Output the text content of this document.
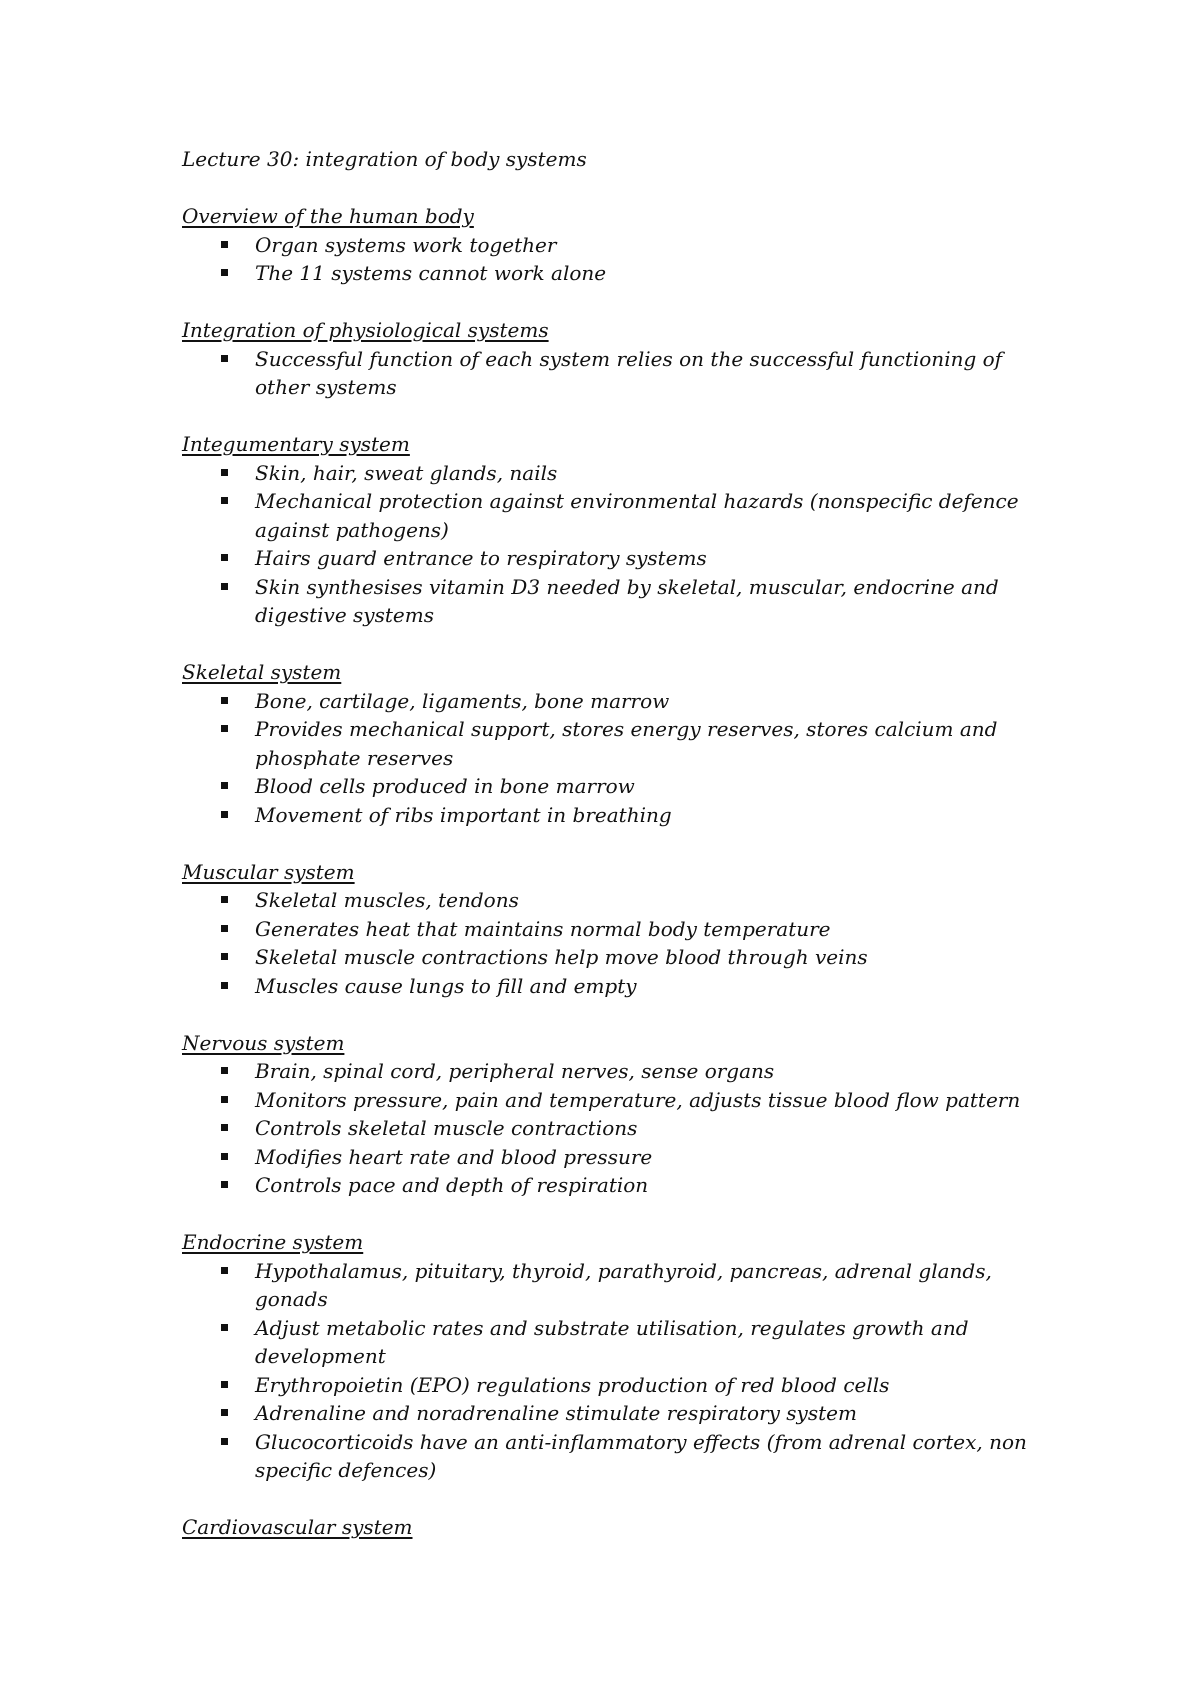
Lecture 30: integration of body systems
Overview of the human body
Organ systems work together
The 11 systems cannot work alone
Integration of physiological systems
Successful function of each system relies on the successful functioning of other systems
Integumentary system
Skin, hair, sweat glands, nails
Mechanical protection against environmental hazards (nonspecific defence against pathogens)
Hairs guard entrance to respiratory systems
Skin synthesises vitamin D3 needed by skeletal, muscular, endocrine and digestive systems
Skeletal system
Bone, cartilage, ligaments, bone marrow
Provides mechanical support, stores energy reserves, stores calcium and phosphate reserves
Blood cells produced in bone marrow
Movement of ribs important in breathing
Muscular system
Skeletal muscles, tendons
Generates heat that maintains normal body temperature
Skeletal muscle contractions help move blood through veins
Muscles cause lungs to fill and empty
Nervous system
Brain, spinal cord, peripheral nerves, sense organs
Monitors pressure, pain and temperature, adjusts tissue blood flow pattern
Controls skeletal muscle contractions
Modifies heart rate and blood pressure
Controls pace and depth of respiration
Endocrine system
Hypothalamus, pituitary, thyroid, parathyroid, pancreas, adrenal glands, gonads
Adjust metabolic rates and substrate utilisation, regulates growth and development
Erythropoietin (EPO) regulations production of red blood cells
Adrenaline and noradrenaline stimulate respiratory system
Glucocorticoids have an anti-inflammatory effects (from adrenal cortex, non specific defences)
Cardiovascular system
